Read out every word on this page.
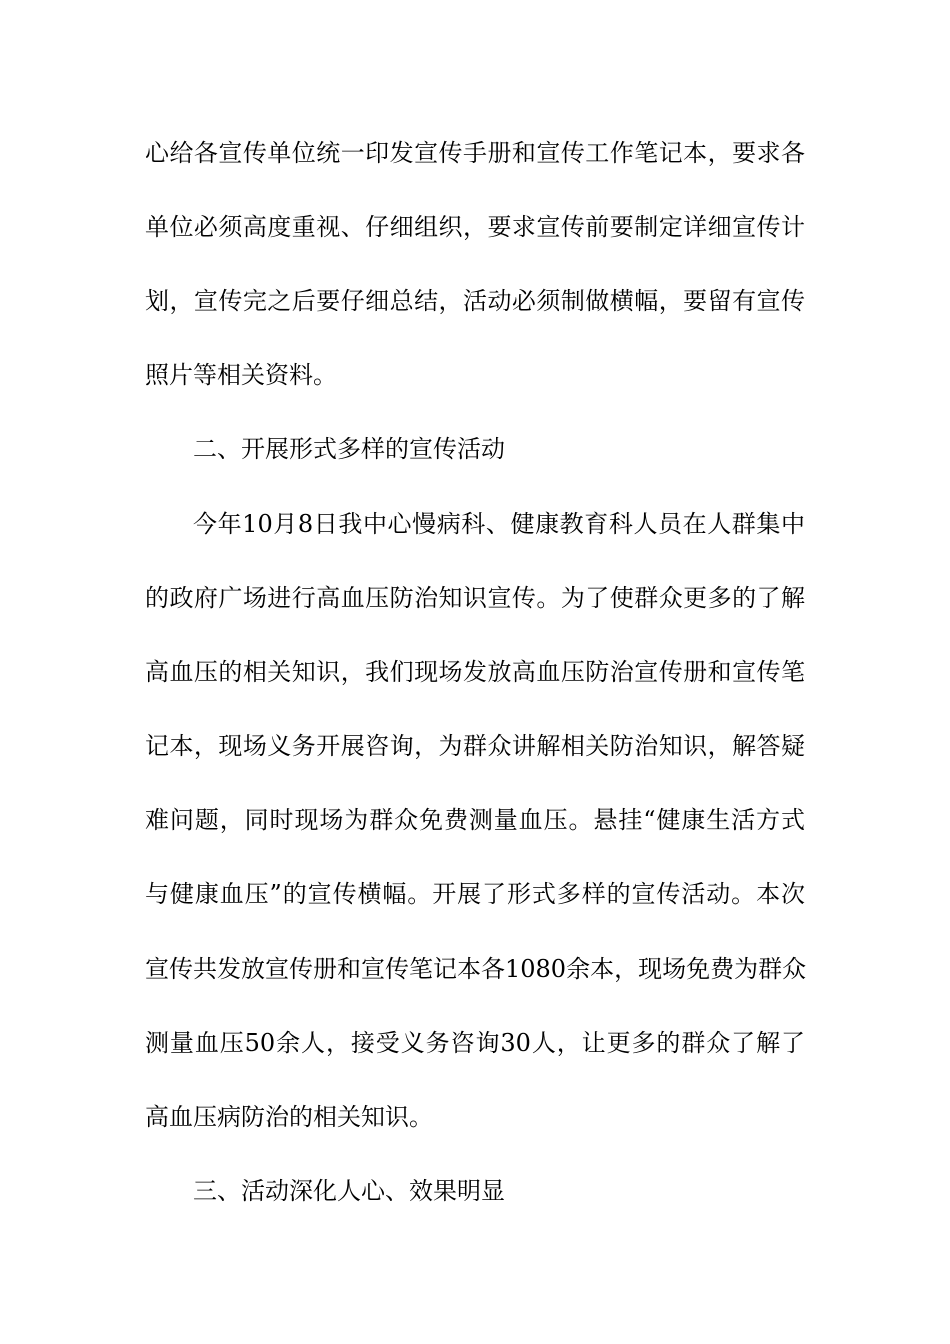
心给各宣传单位统一印发宣传手册和宣传工作笔记本，要求各
单位必须高度重视、仔细组织，要求宣传前要制定详细宣传计
划，宣传完之后要仔细总结，活动必须制做横幅，要留有宣传
照片等相关资料。
二、开展形式多样的宣传活动
今年10月8日我中心慢病科、健康教育科人员在人群集中
的政府广场进行高血压防治知识宣传。为了使群众更多的了解
高血压的相关知识，我们现场发放高血压防治宣传册和宣传笔
记本，现场义务开展咨询，为群众讲解相关防治知识，解答疑
难问题，同时现场为群众免费测量血压。悬挂“健康生活方式
与健康血压”的宣传横幅。开展了形式多样的宣传活动。本次
宣传共发放宣传册和宣传笔记本各1080余本，现场免费为群众
测量血压50余人，接受义务咨询30人，让更多的群众了解了
高血压病防治的相关知识。
三、活动深化人心、效果明显
